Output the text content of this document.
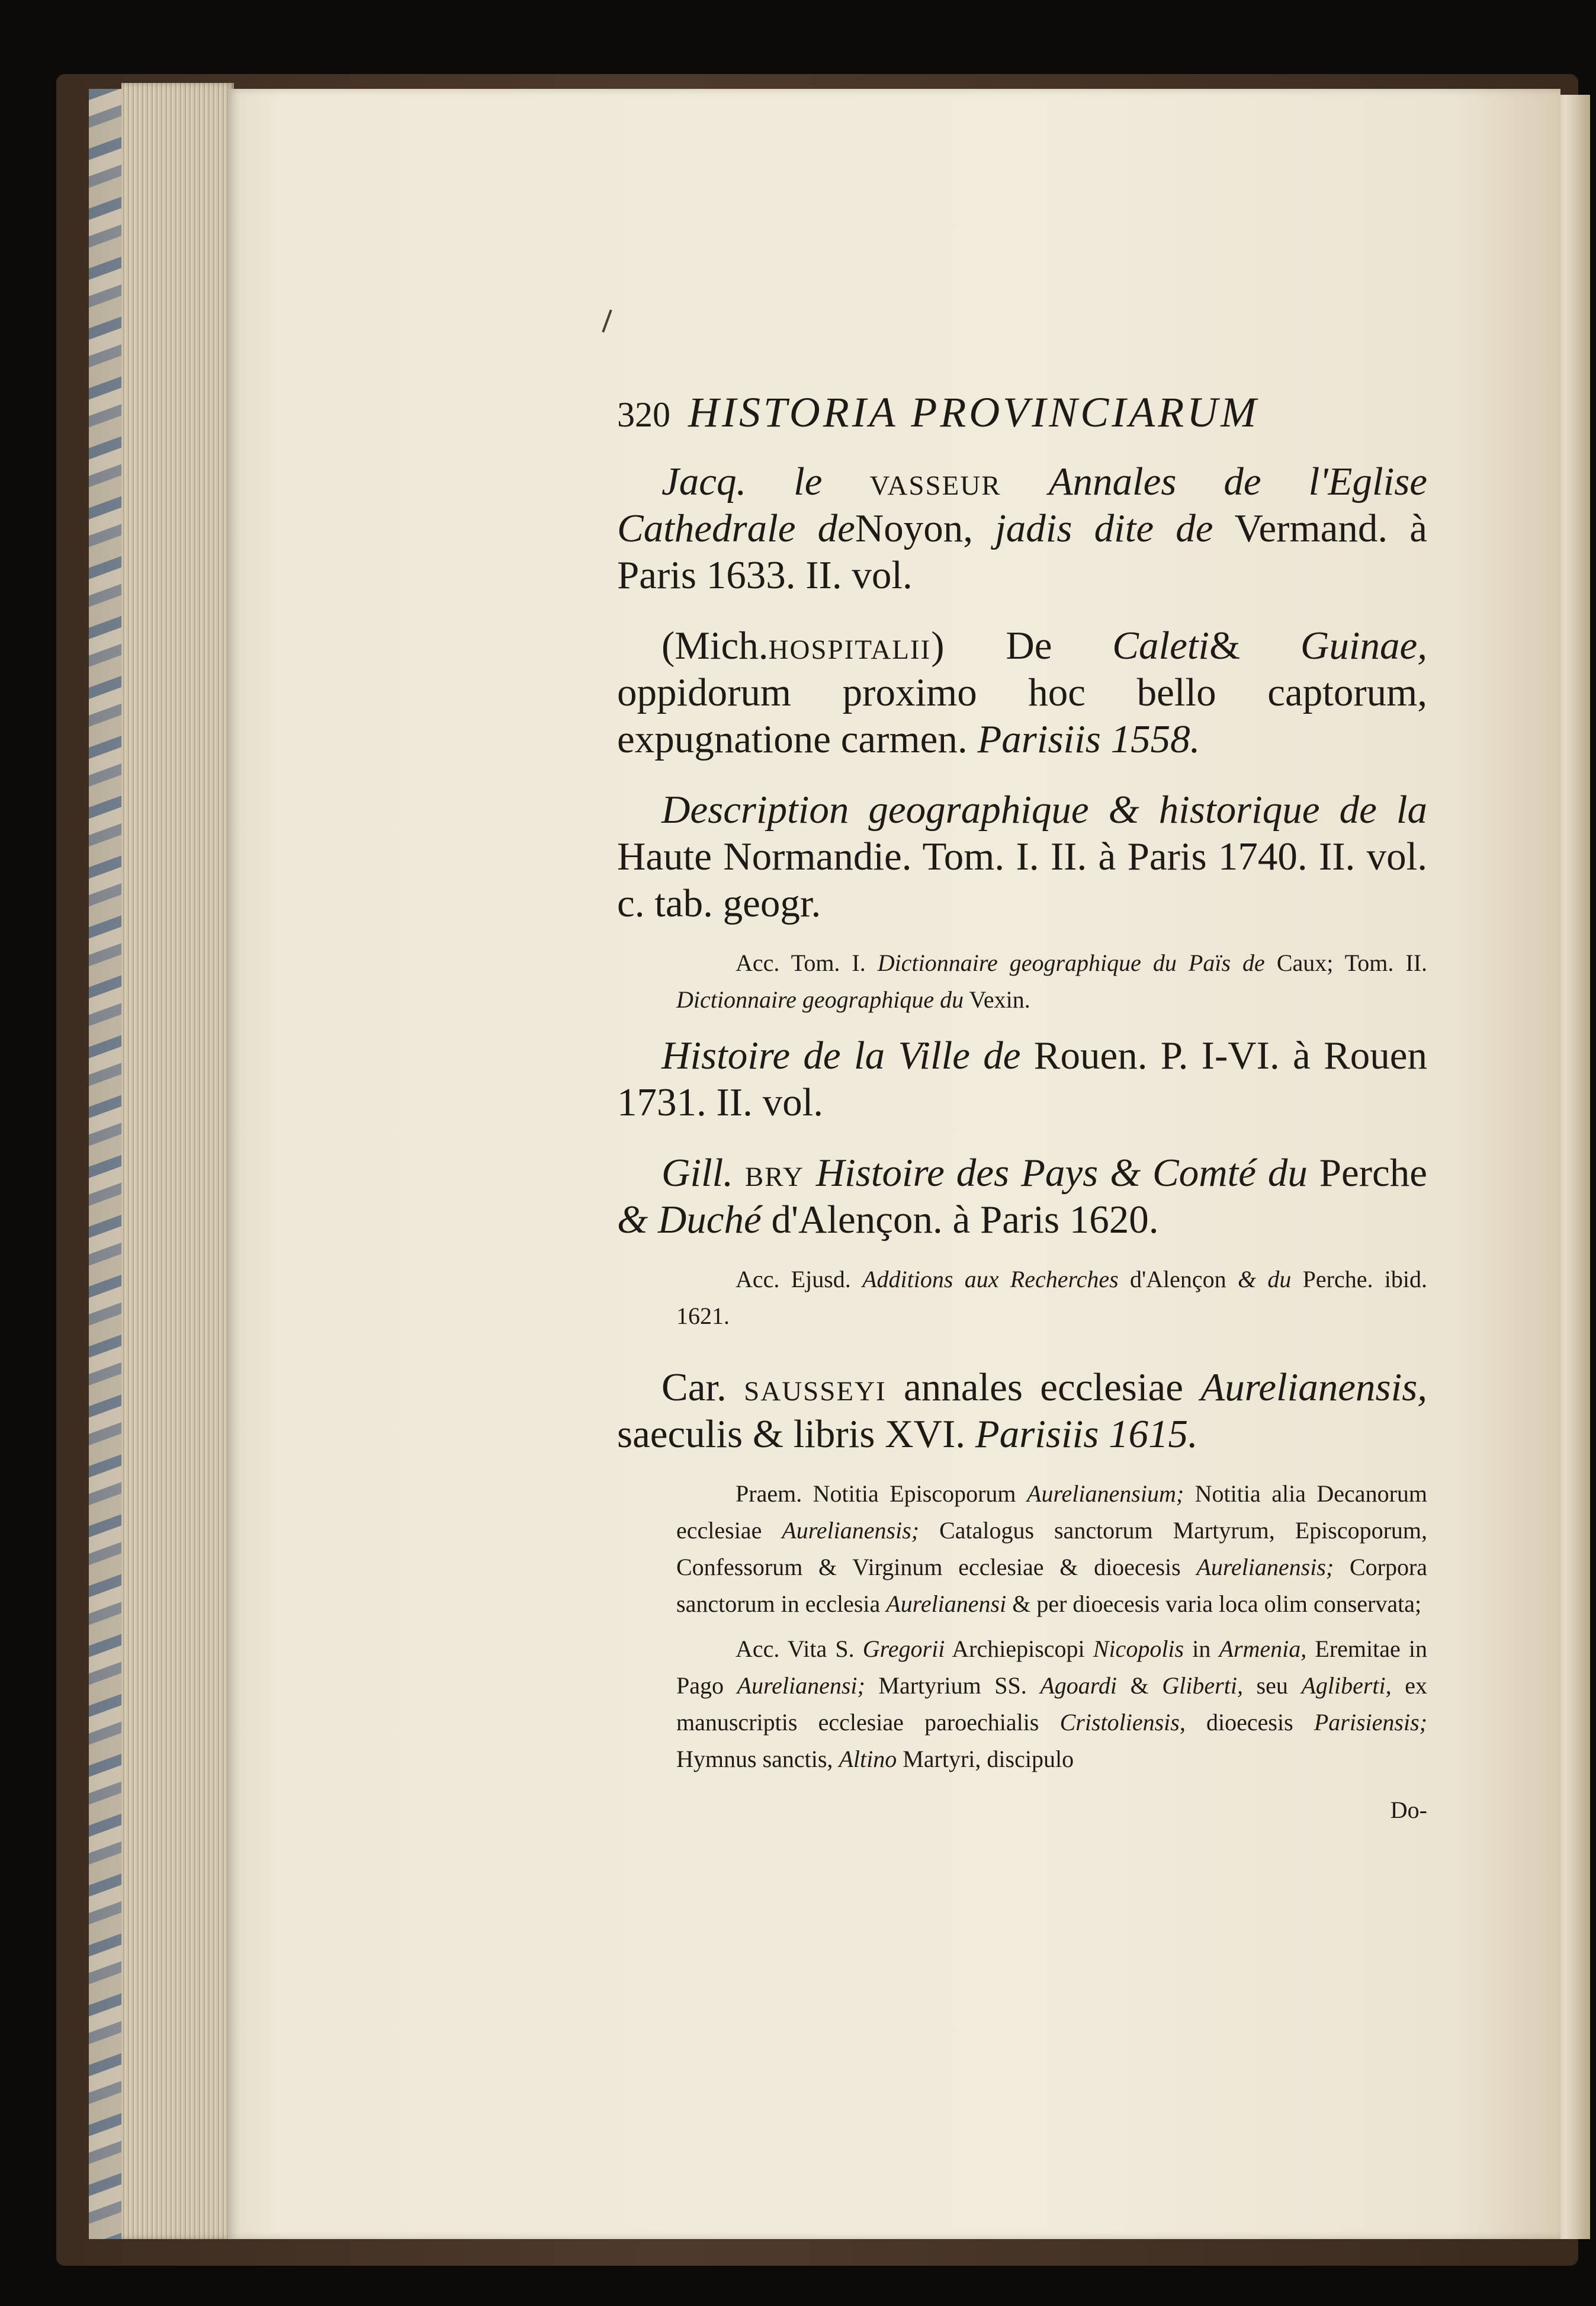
320 HISTORIA PROVINCIARUM

Jacq. le vasseur Annales de l'Eglise Cathedrale deNoyon, jadis dite de Vermand. à Paris 1633. II. vol.

(Mich.hospitalii) De Caleti& Guinae, oppidorum proximo hoc bello captorum, expugnatione carmen. Parisiis 1558.

Description geographique & historique de la Haute Normandie. Tom. I. II. à Paris 1740. II. vol. c. tab. geogr.

Acc. Tom. I. Dictionnaire geographique du Païs de Caux; Tom. II. Dictionnaire geographique du Vexin.

Histoire de la Ville de Rouen. P. I-VI. à Rouen 1731. II. vol.

Gill. bry Histoire des Pays & Comté du Perche & Duché d'Alençon. à Paris 1620.

Acc. Ejusd. Additions aux Recherches d'Alençon & du Perche. ibid. 1621.

Car. sausseyi annales ecclesiae Aurelianensis, saeculis & libris XVI. Parisiis 1615.

Praem. Notitia Episcoporum Aurelianensium; Notitia alia Decanorum ecclesiae Aurelianensis; Catalogus sanctorum Martyrum, Episcoporum, Confessorum & Virginum ecclesiae & dioecesis Aurelianensis; Corpora sanctorum in ecclesia Aurelianensi & per dioecesis varia loca olim conservata;

Acc. Vita S. Gregorii Archiepiscopi Nicopolis in Armenia, Eremitae in Pago Aurelianensi; Martyrium SS. Agoardi & Gliberti, seu Agliberti, ex manuscriptis ecclesiae paroechialis Cristoliensis, dioecesis Parisiensis; Hymnus sanctis, Altino Martyri, discipulo

Do-
